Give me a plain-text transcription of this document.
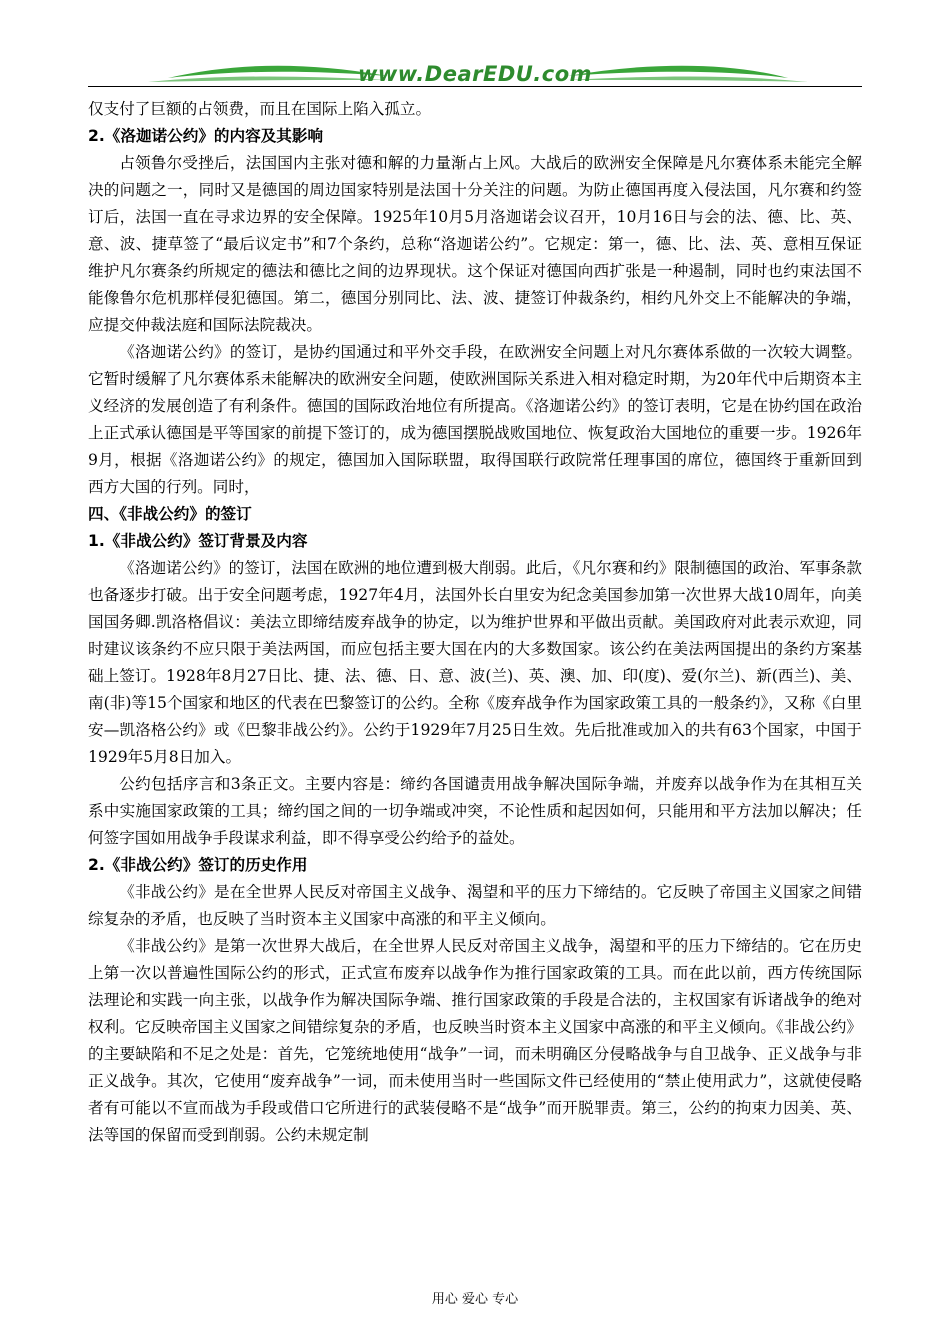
www.DearEDU.com

仅支付了巨额的占领费，而且在国际上陷入孤立。

2.《洛迦诺公约》的内容及其影响

占领鲁尔受挫后，法国国内主张对德和解的力量渐占上风。大战后的欧洲安全保障是凡尔赛体系未能完全解决的问题之一，同时又是德国的周边国家特别是法国十分关注的问题。为防止德国再度入侵法国，凡尔赛和约签订后，法国一直在寻求边界的安全保障。1925年10月5月洛迦诺会议召开，10月16日与会的法、德、比、英、意、波、捷草签了“最后议定书”和7个条约，总称“洛迦诺公约”。它规定：第一，德、比、法、英、意相互保证维护凡尔赛条约所规定的德法和德比之间的边界现状。这个保证对德国向西扩张是一种遏制，同时也约束法国不能像鲁尔危机那样侵犯德国。第二，德国分别同比、法、波、捷签订仲裁条约，相约凡外交上不能解决的争端，应提交仲裁法庭和国际法院裁决。

《洛迦诺公约》的签订，是协约国通过和平外交手段，在欧洲安全问题上对凡尔赛体系做的一次较大调整。它暂时缓解了凡尔赛体系未能解决的欧洲安全问题，使欧洲国际关系进入相对稳定时期，为20年代中后期资本主义经济的发展创造了有利条件。德国的国际政治地位有所提高。《洛迦诺公约》的签订表明，它是在协约国在政治上正式承认德国是平等国家的前提下签订的，成为德国摆脱战败国地位、恢复政治大国地位的重要一步。1926年9月，根据《洛迦诺公约》的规定，德国加入国际联盟，取得国联行政院常任理事国的席位，德国终于重新回到西方大国的行列。同时，

四、《非战公约》的签订

1.《非战公约》签订背景及内容

《洛迦诺公约》的签订，法国在欧洲的地位遭到极大削弱。此后，《凡尔赛和约》限制德国的政治、军事条款也备逐步打破。出于安全问题考虑，1927年4月，法国外长白里安为纪念美国参加第一次世界大战10周年，向美国国务卿.凯洛格倡议：美法立即缔结废弃战争的协定，以为维护世界和平做出贡献。美国政府对此表示欢迎，同时建议该条约不应只限于美法两国，而应包括主要大国在内的大多数国家。该公约在美法两国提出的条约方案基础上签订。1928年8月27日比、捷、法、德、日、意、波(兰)、英、澳、加、印(度)、爱(尔兰)、新(西兰)、美、南(非)等15个国家和地区的代表在巴黎签订的公约。全称《废弃战争作为国家政策工具的一般条约》，又称《白里安—凯洛格公约》或《巴黎非战公约》。公约于1929年7月25日生效。先后批准或加入的共有63个国家，中国于1929年5月8日加入。

公约包括序言和3条正文。主要内容是：缔约各国谴责用战争解决国际争端，并废弃以战争作为在其相互关系中实施国家政策的工具；缔约国之间的一切争端或冲突，不论性质和起因如何，只能用和平方法加以解决；任何签字国如用战争手段谋求利益，即不得享受公约给予的益处。

2.《非战公约》签订的历史作用

《非战公约》是在全世界人民反对帝国主义战争、渴望和平的压力下缔结的。它反映了帝国主义国家之间错综复杂的矛盾，也反映了当时资本主义国家中高涨的和平主义倾向。

《非战公约》是第一次世界大战后，在全世界人民反对帝国主义战争，渴望和平的压力下缔结的。它在历史上第一次以普遍性国际公约的形式，正式宣布废弃以战争作为推行国家政策的工具。而在此以前，西方传统国际法理论和实践一向主张，以战争作为解决国际争端、推行国家政策的手段是合法的，主权国家有诉诸战争的绝对权利。它反映帝国主义国家之间错综复杂的矛盾，也反映当时资本主义国家中高涨的和平主义倾向。《非战公约》的主要缺陷和不足之处是：首先，它笼统地使用“战争”一词，而未明确区分侵略战争与自卫战争、正义战争与非正义战争。其次，它使用“废弃战争”一词，而未使用当时一些国际文件已经使用的“禁止使用武力”，这就使侵略者有可能以不宣而战为手段或借口它所进行的武装侵略不是“战争”而开脱罪责。第三，公约的拘束力因美、英、法等国的保留而受到削弱。公约未规定制

用心 爱心 专心
